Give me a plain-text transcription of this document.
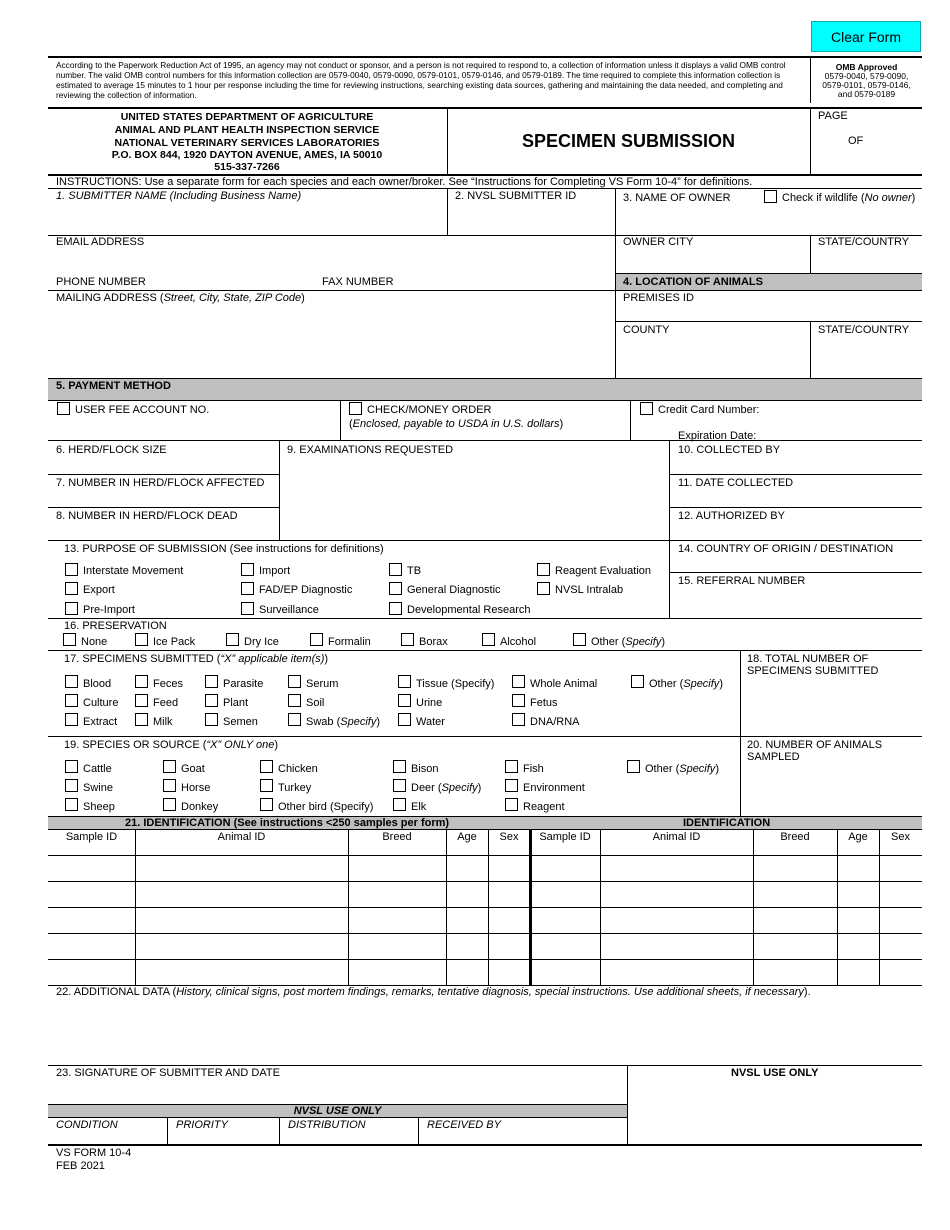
Clear Form
According to the Paperwork Reduction Act of 1995, an agency may not conduct or sponsor, and a person is not required to respond to, a collection of information unless it displays a valid OMB control number. The valid OMB control numbers for this information collection are 0579-0040, 0579-0090, 0579-0101, 0579-0146, and 0579-0189. The time required to complete this information collection is estimated to average 15 minutes to 1 hour per response including the time for reviewing instructions, searching existing data sources, gathering and maintaining the data needed, and completing and reviewing the collection of information.
OMB Approved
0579-0040, 579-0090,
0579-0101, 0579-0146,
and 0579-0189
UNITED STATES DEPARTMENT OF AGRICULTURE
ANIMAL AND PLANT HEALTH INSPECTION SERVICE
NATIONAL VETERINARY SERVICES LABORATORIES
P.O. BOX 844, 1920 DAYTON AVENUE, AMES, IA 50010
515-337-7266
SPECIMEN SUBMISSION
PAGE
OF
INSTRUCTIONS: Use a separate form for each species and each owner/broker. See “Instructions for Completing VS Form 10-4” for definitions.
1. SUBMITTER NAME (Including Business Name)	2. NVSL SUBMITTER ID	3. NAME OF OWNER	Check if wildlife (No owner)
EMAIL ADDRESS	OWNER CITY	STATE/COUNTRY
PHONE NUMBER	FAX NUMBER	4. LOCATION OF ANIMALS
MAILING ADDRESS (Street, City, State, ZIP Code)	PREMISES ID
COUNTY	STATE/COUNTRY
5. PAYMENT METHOD
USER FEE ACCOUNT NO.	CHECK/MONEY ORDER
(Enclosed, payable to USDA in U.S. dollars)
Credit Card Number:
Expiration Date:
6. HERD/FLOCK SIZE	9. EXAMINATIONS REQUESTED	10. COLLECTED BY
7. NUMBER IN HERD/FLOCK AFFECTED	11. DATE COLLECTED
8. NUMBER IN HERD/FLOCK DEAD	12. AUTHORIZED BY
13. PURPOSE OF SUBMISSION (See instructions for definitions)	14. COUNTRY OF ORIGIN / DESTINATION
15. REFERRAL NUMBER
Interstate Movement	Import	TB	Reagent Evaluation
Export	FAD/EP Diagnostic	General Diagnostic	NVSL Intralab
Pre-Import	Surveillance	Developmental Research
16. PRESERVATION
None	Ice Pack	Dry Ice	Formalin	Borax	Alcohol	Other (Specify)
17. SPECIMENS SUBMITTED (“X” applicable item(s))	18. TOTAL NUMBER OF
SPECIMENS SUBMITTED
Blood	Feces	Parasite	Serum	Tissue (Specify)	Whole Animal	Other (Specify)
Culture	Feed	Plant	Soil	Urine	Fetus
Extract	Milk	Semen	Swab (Specify)	Water	DNA/RNA
19. SPECIES OR SOURCE (“X” ONLY one)	20. NUMBER OF ANIMALS
SAMPLED
Cattle	Goat	Chicken	Bison	Fish	Other (Specify)
Swine	Horse	Turkey	Deer (Specify)	Environment
Sheep	Donkey	Other bird (Specify)	Elk	Reagent
21. IDENTIFICATION (See instructions <250 samples per form)	IDENTIFICATION
Sample ID	Animal ID	Breed	Age	Sex	Sample ID	Animal ID	Breed	Age	Sex
22. ADDITIONAL DATA (History, clinical signs, post mortem findings, remarks, tentative diagnosis, special instructions. Use additional sheets, if necessary).
23. SIGNATURE OF SUBMITTER AND DATE	NVSL USE ONLY
NVSL USE ONLY
CONDITION	PRIORITY	DISTRIBUTION	RECEIVED BY
VS FORM 10-4
FEB 2021
